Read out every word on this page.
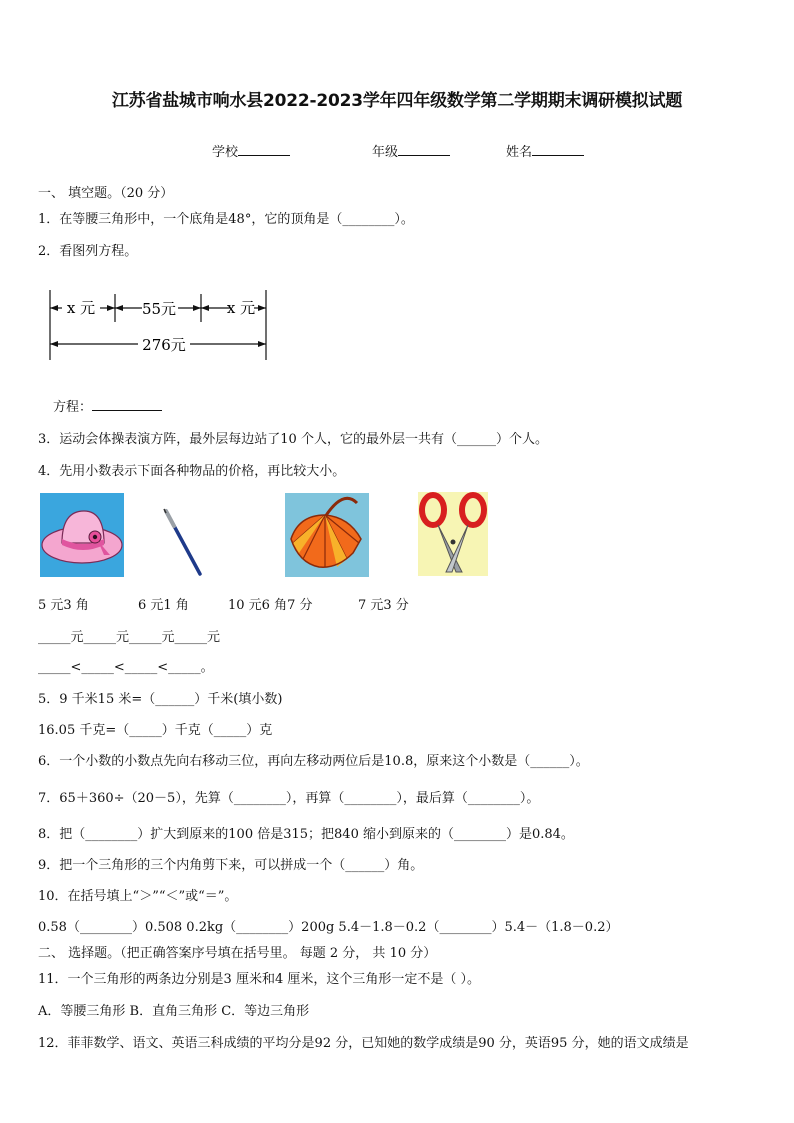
江苏省盐城市响水县2022-2023学年四年级数学第二学期期末调研模拟试题
学校	年级	姓名
一、 填空题。（20 分）
1．在等腰三角形中，一个底角是48°，它的顶角是（________）。
2．看图列方程。
x 元	55元	x 元
276元
方程：
3．运动会体操表演方阵，最外层每边站了10 个人，它的最外层一共有（______）个人。
4．先用小数表示下面各种物品的价格，再比较大小。
5 元3 角	6 元1 角	10 元6 角7 分	7 元3 分
_____元_____元_____元_____元
_____<_____<_____<_____。
5．9 千米15 米=（______）千米(填小数)
16.05 千克=（_____）千克（_____）克
6．一个小数的小数点先向右移动三位，再向左移动两位后是10.8，原来这个小数是（______）。
7．65＋360÷（20－5），先算（________），再算（________），最后算（________）。
8．把（________）扩大到原来的100 倍是315；把840 缩小到原来的（________）是0.84。
9．把一个三角形的三个内角剪下来，可以拼成一个（______）角。
10．在括号填上“＞”“＜”或“＝”。
0.58（________）0.508 0.2kg（________）200g 5.4－1.8－0.2（________）5.4－（1.8－0.2）
二、 选择题。（把正确答案序号填在括号里。 每题 2 分， 共 10 分）
11．一个三角形的两条边分别是3 厘米和4 厘米，这个三角形一定不是（ ）。
A．等腰三角形 B．直角三角形 C．等边三角形
12．菲菲数学、语文、英语三科成绩的平均分是92 分，已知她的数学成绩是90 分，英语95 分，她的语文成绩是
